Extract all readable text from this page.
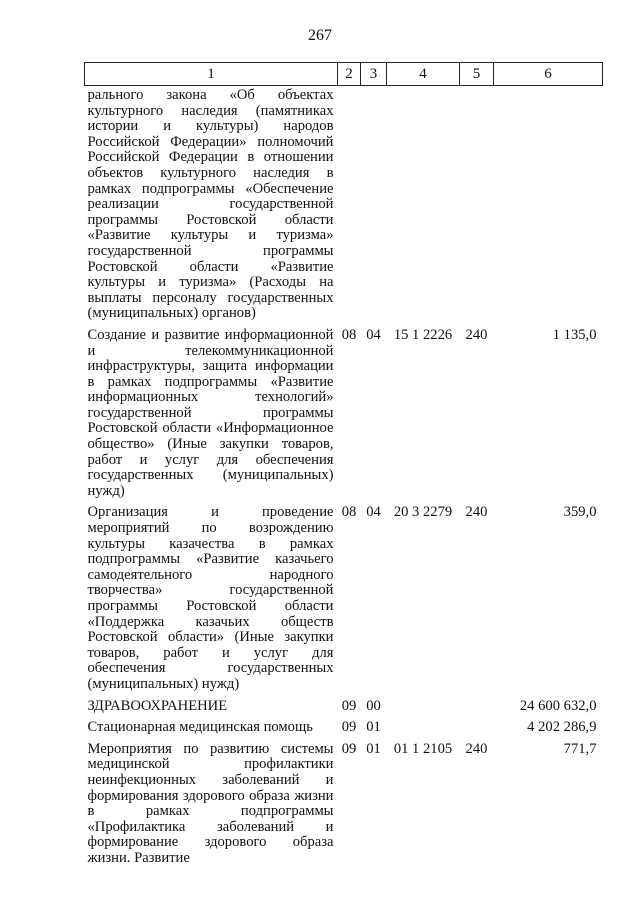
267
1	2	3	4	5	6
рального закона «Об объектах культурного наследия (памятниках истории и культуры) народов Российской Федерации» полномочий Российской Федерации в отношении объектов культурного наследия в рамках подпрограммы «Обеспечение реализации государственной программы Ростовской области «Развитие культуры и туризма» государственной программы Ростовской области «Развитие культуры и туризма» (Расходы на выплаты персоналу государственных (муниципальных) органов)					
Создание и развитие информационной и телекоммуникационной инфраструктуры, защита информации в рамках подпрограммы «Развитие информационных технологий» государственной программы Ростовской области «Информационное общество» (Иные закупки товаров, работ и услуг для обеспечения государственных (муниципальных) нужд)	08	04	15 1 2226	240	1 135,0
Организация и проведение мероприятий по возрождению культуры казачества в рамках подпрограммы «Развитие казачьего самодеятельного народного творчества» государственной программы Ростовской области «Поддержка казачьих обществ Ростовской области» (Иные закупки товаров, работ и услуг для обеспечения государственных (муниципальных) нужд)	08	04	20 3 2279	240	359,0
ЗДРАВООХРАНЕНИЕ	09	00			24 600 632,0
Стационарная медицинская помощь	09	01			4 202 286,9
Мероприятия по развитию системы медицинской профилактики неинфекционных заболеваний и формирования здорового образа жизни в рамках подпрограммы «Профилактика заболеваний и формирование здорового образа жизни. Развитие	09	01	01 1 2105	240	771,7
